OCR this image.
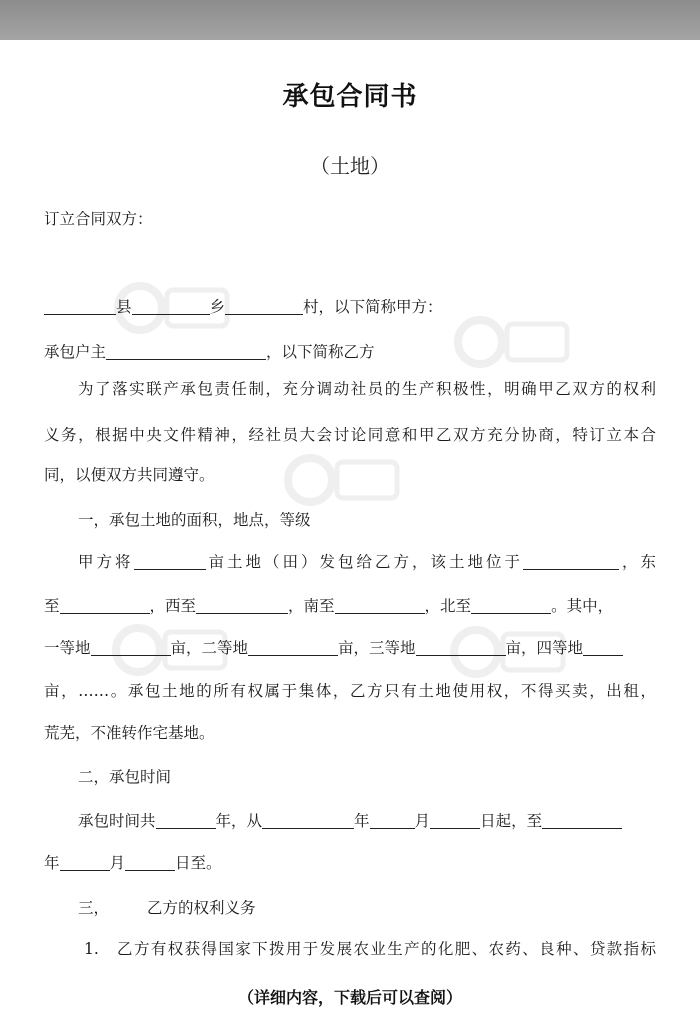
承包合同书
（土地）
订立合同双方：
县	乡	村，以下简称甲方：
承包户主	，以下简称乙方
为了落实联产承包责任制，充分调动社员的生产积极性，明确甲乙双方的权利
义务，根据中央文件精神，经社员大会讨论同意和甲乙双方充分协商，特订立本合
同，以便双方共同遵守。
一，承包土地的面积，地点，等级
甲方将	亩土地（田）发包给乙方，该土地位于	，东
至	，西至	，南至	，北至	。其中，
一等地	亩，二等地	亩，三等地	亩，四等地
亩，……。承包土地的所有权属于集体，乙方只有土地使用权，不得买卖，出租，
荒芜，不准转作宅基地。
二，承包时间
承包时间共	年，从	年	月	日起，至
年	月	日至。
三， 乙方的权利义务
1.　乙方有权获得国家下拨用于发展农业生产的化肥、农药、良种、贷款指标
（详细内容，下载后可以查阅）
